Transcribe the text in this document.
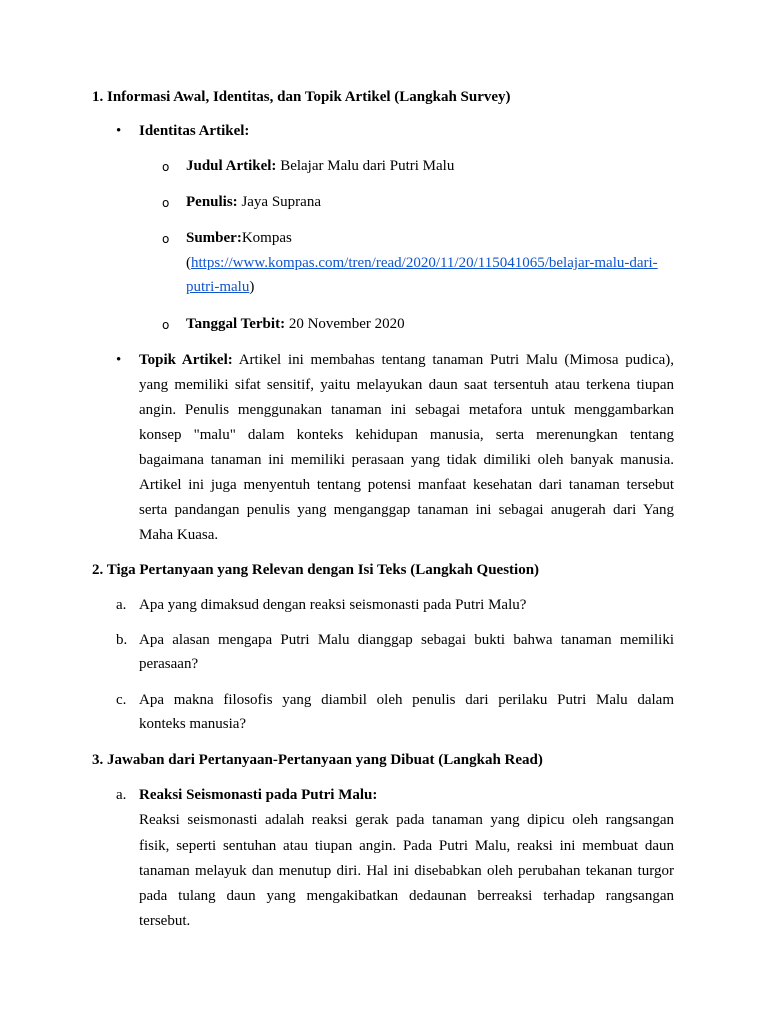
1. Informasi Awal, Identitas, dan Topik Artikel (Langkah Survey)
• Identitas Artikel:
o Judul Artikel: Belajar Malu dari Putri Malu
o Penulis: Jaya Suprana
o Sumber:Kompas
(https://www.kompas.com/tren/read/2020/11/20/115041065/belajar-malu-dari-
putri-malu)
o Tanggal Terbit: 20 November 2020
• Topik Artikel: Artikel ini membahas tentang tanaman Putri Malu (Mimosa pudica),
yang memiliki sifat sensitif, yaitu melayukan daun saat tersentuh atau terkena tiupan
angin. Penulis menggunakan tanaman ini sebagai metafora untuk menggambarkan
konsep "malu" dalam konteks kehidupan manusia, serta merenungkan tentang
bagaimana tanaman ini memiliki perasaan yang tidak dimiliki oleh banyak manusia.
Artikel ini juga menyentuh tentang potensi manfaat kesehatan dari tanaman tersebut
serta pandangan penulis yang menganggap tanaman ini sebagai anugerah dari Yang
Maha Kuasa.
2. Tiga Pertanyaan yang Relevan dengan Isi Teks (Langkah Question)
a. Apa yang dimaksud dengan reaksi seismonasti pada Putri Malu?
b. Apa alasan mengapa Putri Malu dianggap sebagai bukti bahwa tanaman memiliki
perasaan?
c. Apa makna filosofis yang diambil oleh penulis dari perilaku Putri Malu dalam
konteks manusia?
3. Jawaban dari Pertanyaan-Pertanyaan yang Dibuat (Langkah Read)
a. Reaksi Seismonasti pada Putri Malu:
Reaksi seismonasti adalah reaksi gerak pada tanaman yang dipicu oleh rangsangan
fisik, seperti sentuhan atau tiupan angin. Pada Putri Malu, reaksi ini membuat daun
tanaman melayuk dan menutup diri. Hal ini disebabkan oleh perubahan tekanan turgor
pada tulang daun yang mengakibatkan dedaunan berreaksi terhadap rangsangan
tersebut.
